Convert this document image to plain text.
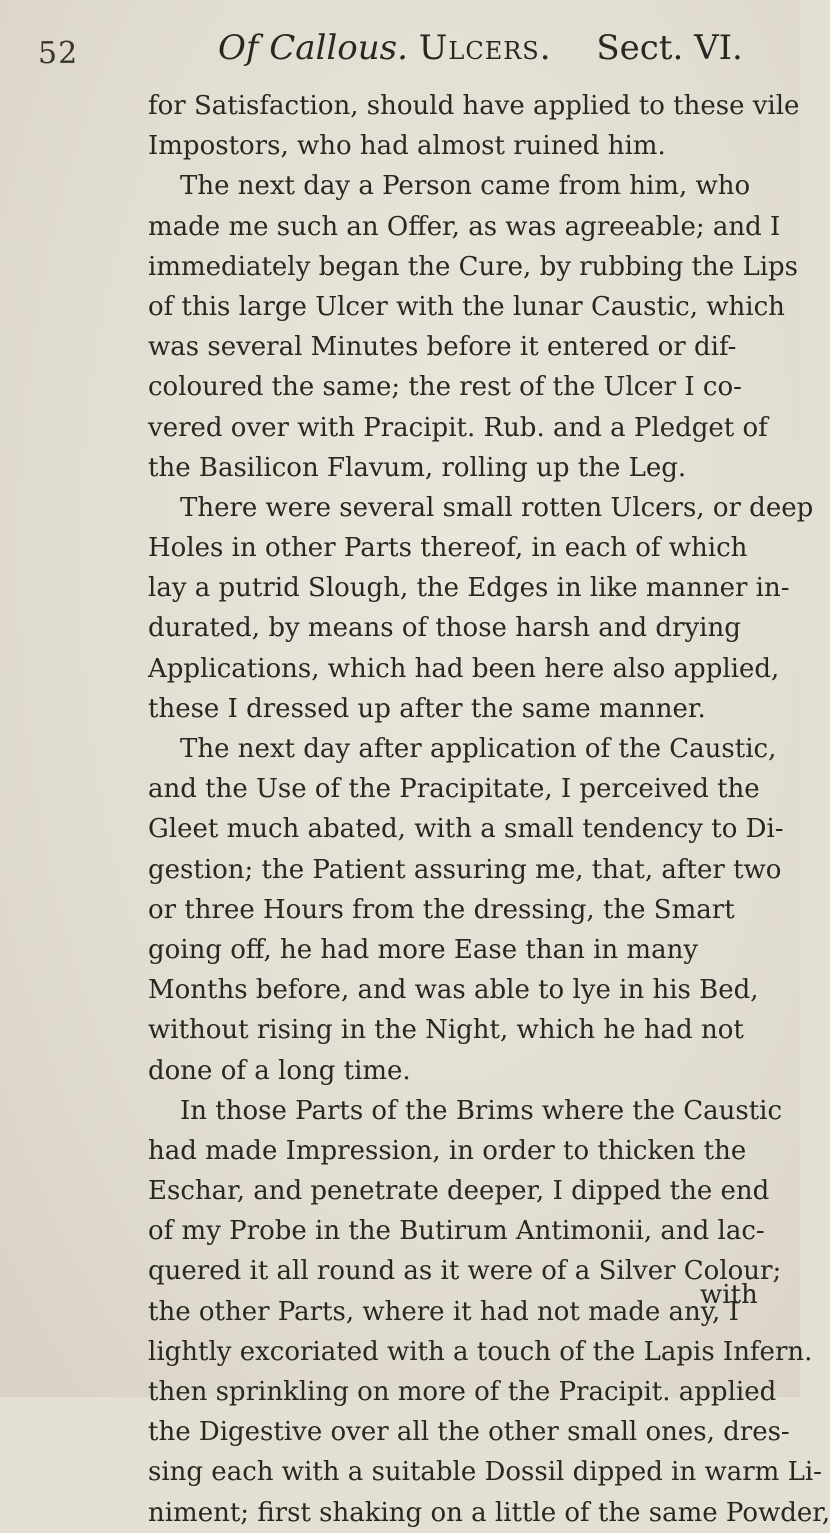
52	Of Callous. Ulcers. Sect. VI.
for Satisfaction, should have applied to these vile
Impostors, who had almost ruined him.
The next day a Person came from him, who
made me such an Offer, as was agreeable; and I
immediately began the Cure, by rubbing the Lips
of this large Ulcer with the lunar Caustic, which
was several Minutes before it entered or dif-
coloured the same; the rest of the Ulcer I co-
vered over with Pracipit. Rub. and a Pledget of
the Basilicon Flavum, rolling up the Leg.
There were several small rotten Ulcers, or deep
Holes in other Parts thereof, in each of which
lay a putrid Slough, the Edges in like manner in-
durated, by means of those harsh and drying
Applications, which had been here also applied,
these I dressed up after the same manner.
The next day after application of the Caustic,
and the Use of the Pracipitate, I perceived the
Gleet much abated, with a small tendency to Di-
gestion; the Patient assuring me, that, after two
or three Hours from the dressing, the Smart
going off, he had more Ease than in many
Months before, and was able to lye in his Bed,
without rising in the Night, which he had not
done of a long time.
In those Parts of the Brims where the Caustic
had made Impression, in order to thicken the
Eschar, and penetrate deeper, I dipped the end
of my Probe in the Butirum Antimonii, and lac-
quered it all round as it were of a Silver Colour;
the other Parts, where it had not made any, I
lightly excoriated with a touch of the Lapis Infern.
then sprinkling on more of the Pracipit. applied
the Digestive over all the other small ones, dres-
sing each with a suitable Dossil dipped in warm Li-
niment; first shaking on a little of the same Powder,
with
